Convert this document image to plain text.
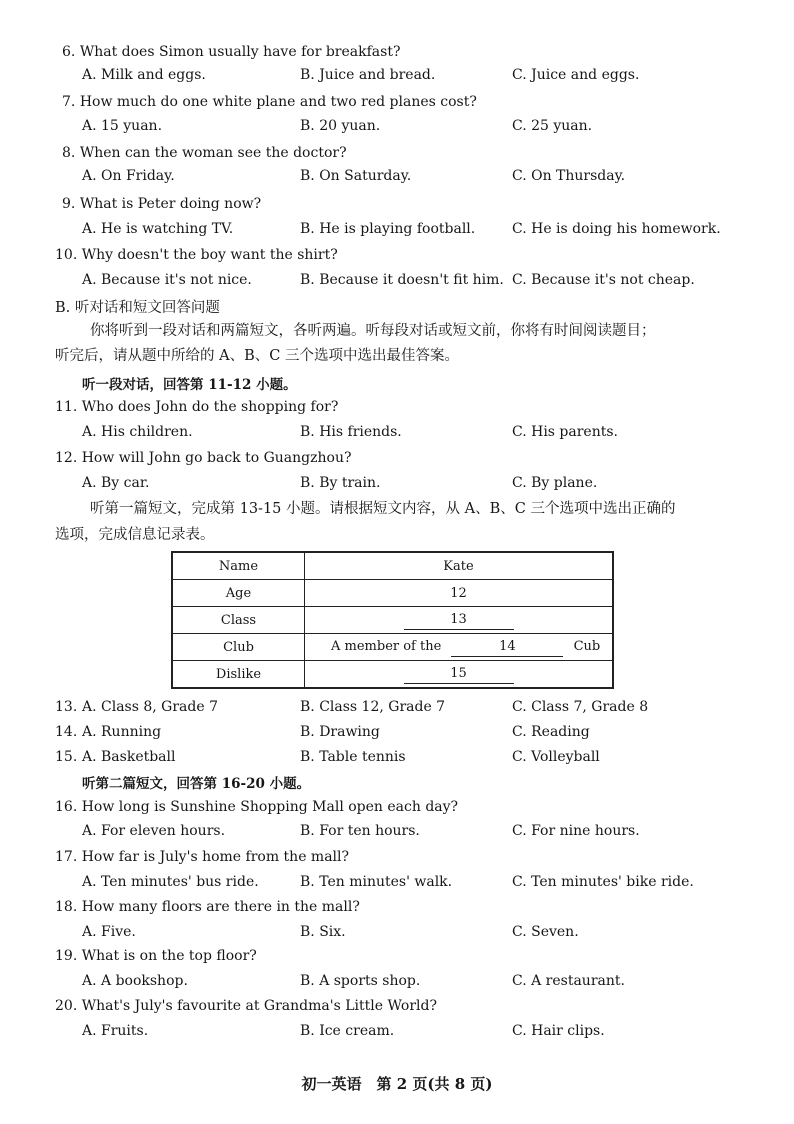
6. What does Simon usually have for breakfast?
A. Milk and eggs.	B. Juice and bread.	C. Juice and eggs.
7. How much do one white plane and two red planes cost?
A. 15 yuan.	B. 20 yuan.	C. 25 yuan.
8. When can the woman see the doctor?
A. On Friday.	B. On Saturday.	C. On Thursday.
9. What is Peter doing now?
A. He is watching TV.	B. He is playing football.	C. He is doing his homework.
10. Why doesn't the boy want the shirt?
A. Because it's not nice.	B. Because it doesn't fit him. C. Because it's not cheap.
B. 听对话和短文回答问题
你将听到一段对话和两篇短文，各听两遍。听每段对话或短文前，你将有时间阅读题目；
听完后，请从题中所给的 A、B、C 三个选项中选出最佳答案。
听一段对话，回答第 11-12 小题。
11. Who does John do the shopping for?
A. His children.	B. His friends.	C. His parents.
12. How will John go back to Guangzhou?
A. By car.	B. By train.	C. By plane.
听第一篇短文，完成第 13-15 小题。请根据短文内容，从 A、B、C 三个选项中选出正确的
选项，完成信息记录表。
Name	Kate
Age	12
Class	13
Club	A member of the 14 Cub
Dislike	15
13. A. Class 8, Grade 7	B. Class 12, Grade 7	C. Class 7, Grade 8
14. A. Running	B. Drawing	C. Reading
15. A. Basketball	B. Table tennis	C. Volleyball
听第二篇短文，回答第 16-20 小题。
16. How long is Sunshine Shopping Mall open each day?
A. For eleven hours.	B. For ten hours.	C. For nine hours.
17. How far is July's home from the mall?
A. Ten minutes' bus ride.	B. Ten minutes' walk.	C. Ten minutes' bike ride.
18. How many floors are there in the mall?
A. Five.	B. Six.	C. Seven.
19. What is on the top floor?
A. A bookshop.	B. A sports shop.	C. A restaurant.
20. What's July's favourite at Grandma's Little World?
A. Fruits.	B. Ice cream.	C. Hair clips.
初一英语　第 2 页(共 8 页)
